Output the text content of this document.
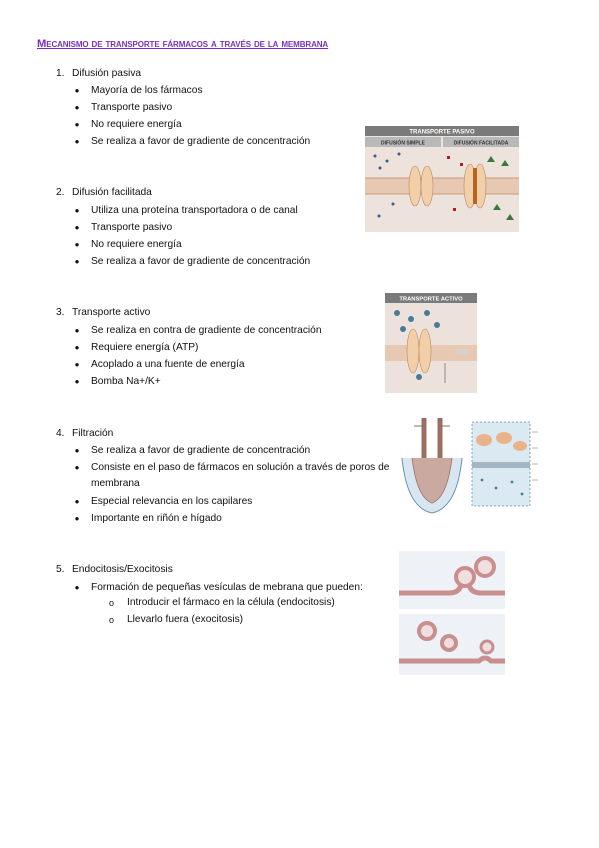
Mecanismo de transporte fármacos a través de la membrana
1. Difusión pasiva
● Mayoría de los fármacos
● Transporte pasivo
● No requiere energía
● Se realiza a favor de gradiente de concentración
2. Difusión facilitada
● Utiliza una proteína transportadora o de canal
● Transporte pasivo
● No requiere energía
● Se realiza a favor de gradiente de concentración
3. Transporte activo
● Se realiza en contra de gradiente de concentración
● Requiere energía (ATP)
● Acoplado a una fuente de energía
● Bomba Na+/K+
4. Filtración
● Se realiza a favor de gradiente de concentración
● Consiste en el paso de fármacos en solución a través de poros de membrana
● Especial relevancia en los capilares
● Importante en riñón e hígado
5. Endocitosis/Exocitosis
● Formación de pequeñas vesículas de mebrana que pueden:
o Introducir el fármaco en la célula (endocitosis)
o Llevarlo fuera (exocitosis)
TRANSPORTE PASIVO
DIFUSIÓN SIMPLE	DIFUSIÓN FACILITADA
TRANSPORTE ACTIVO
